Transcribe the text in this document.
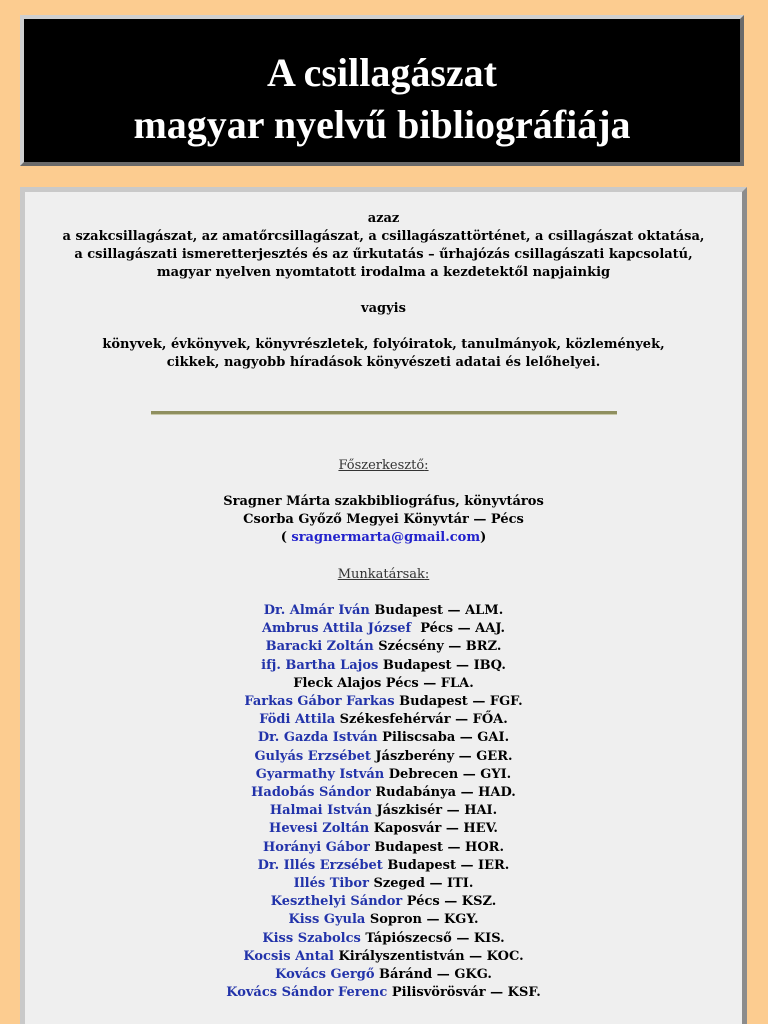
A csillagászat
magyar nyelvű bibliográfiája
azaz
a szakcsillagászat, az amatőrcsillagászat, a csillagászattörténet, a csillagászat oktatása,
a csillagászati ismeretterjesztés és az űrkutatás – űrhajózás csillagászati kapcsolatú,
magyar nyelven nyomtatott irodalma a kezdetektől napjainkig
vagyis
könyvek, évkönyvek, könyvrészletek, folyóiratok, tanulmányok, közlemények,
cikkek, nagyobb híradások könyvészeti adatai és lelőhelyei.
Főszerkesztő:
Sragner Márta szakbibliográfus, könyvtáros
Csorba Győző Megyei Könyvtár — Pécs
( sragnermarta@gmail.com)
Munkatársak:
Dr. Almár Iván Budapest — ALM.
Ambrus Attila József  Pécs — AAJ.
Baracki Zoltán Szécsény — BRZ.
ifj. Bartha Lajos Budapest — IBQ.
Fleck Alajos Pécs — FLA.
Farkas Gábor Farkas Budapest — FGF.
Födi Attila Székesfehérvár — FŐA.
Dr. Gazda István Piliscsaba — GAI.
Gulyás Erzsébet Jászberény — GER.
Gyarmathy István Debrecen — GYI.
Hadobás Sándor Rudabánya — HAD.
Halmai István Jászkisér — HAI.
Hevesi Zoltán Kaposvár — HEV.
Horányi Gábor Budapest — HOR.
Dr. Illés Erzsébet Budapest — IER.
Illés Tibor Szeged — ITI.
Keszthelyi Sándor Pécs — KSZ.
Kiss Gyula Sopron — KGY.
Kiss Szabolcs Tápiószecső — KIS.
Kocsis Antal Királyszentistván — KOC.
Kovács Gergő Báránd — GKG.
Kovács Sándor Ferenc Pilisvörösvár — KSF.
